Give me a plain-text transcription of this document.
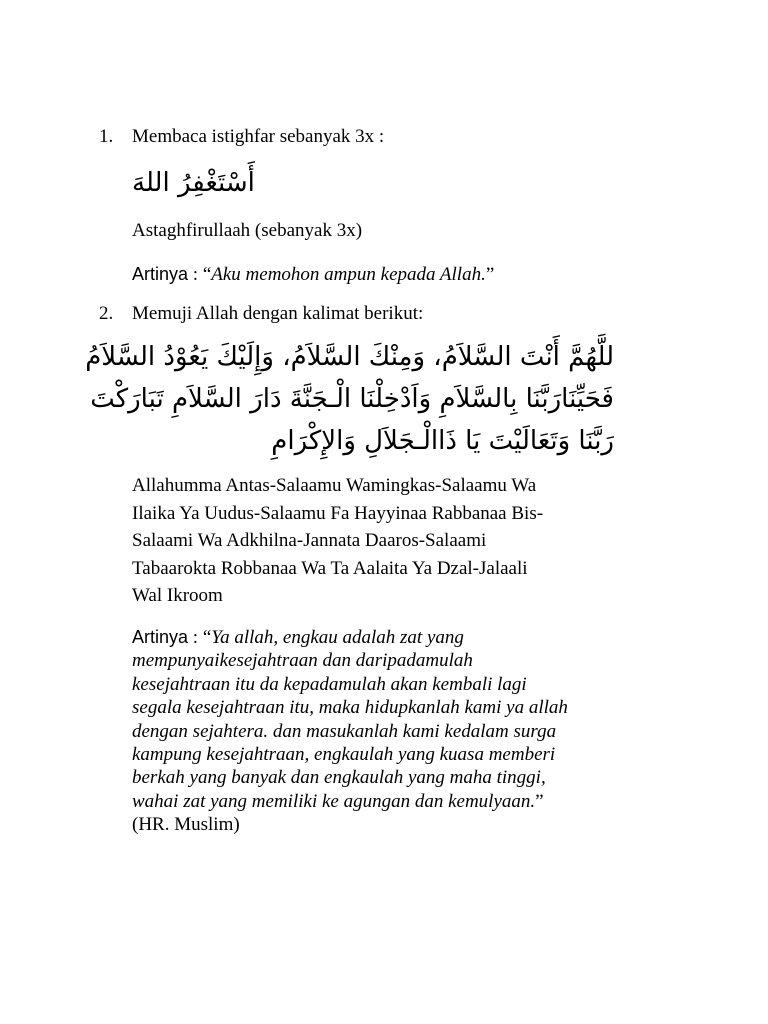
1. Membaca istighfar sebanyak 3x :
أَسْتَغْفِرُ اللهَ
Astaghfirullaah (sebanyak 3x)
Artinya : “Aku memohon ampun kepada Allah.”
2. Memuji Allah dengan kalimat berikut:
للَّهُمَّ أَنْتَ السَّلاَمُ، وَمِنْكَ السَّلاَمُ، وَإِلَيْكَ يَعُوْدُ السَّلاَمُ
فَحَيِّنَارَبَّنَا بِالسَّلاَمِ وَاَدْخِلْنَا الْـجَنَّةَ دَارَ السَّلاَمِ تَبَارَكْتَ
رَبَّنَا وَتَعَالَيْتَ يَا ذَاالْـجَلاَلِ وَالإِكْرَامِ
Allahumma Antas-Salaamu Wamingkas-Salaamu Wa
Ilaika Ya Uudus-Salaamu Fa Hayyinaa Rabbanaa Bis-
Salaami Wa Adkhilna-Jannata Daaros-Salaami
Tabaarokta Robbanaa Wa Ta Aalaita Ya Dzal-Jalaali
Wal Ikroom
Artinya : “Ya allah, engkau adalah zat yang
mempunyaikesejahtraan dan daripadamulah
kesejahtraan itu da kepadamulah akan kembali lagi
segala kesejahtraan itu, maka hidupkanlah kami ya allah
dengan sejahtera. dan masukanlah kami kedalam surga
kampung kesejahtraan, engkaulah yang kuasa memberi
berkah yang banyak dan engkaulah yang maha tinggi,
wahai zat yang memiliki ke agungan dan kemulyaan.”
(HR. Muslim)
